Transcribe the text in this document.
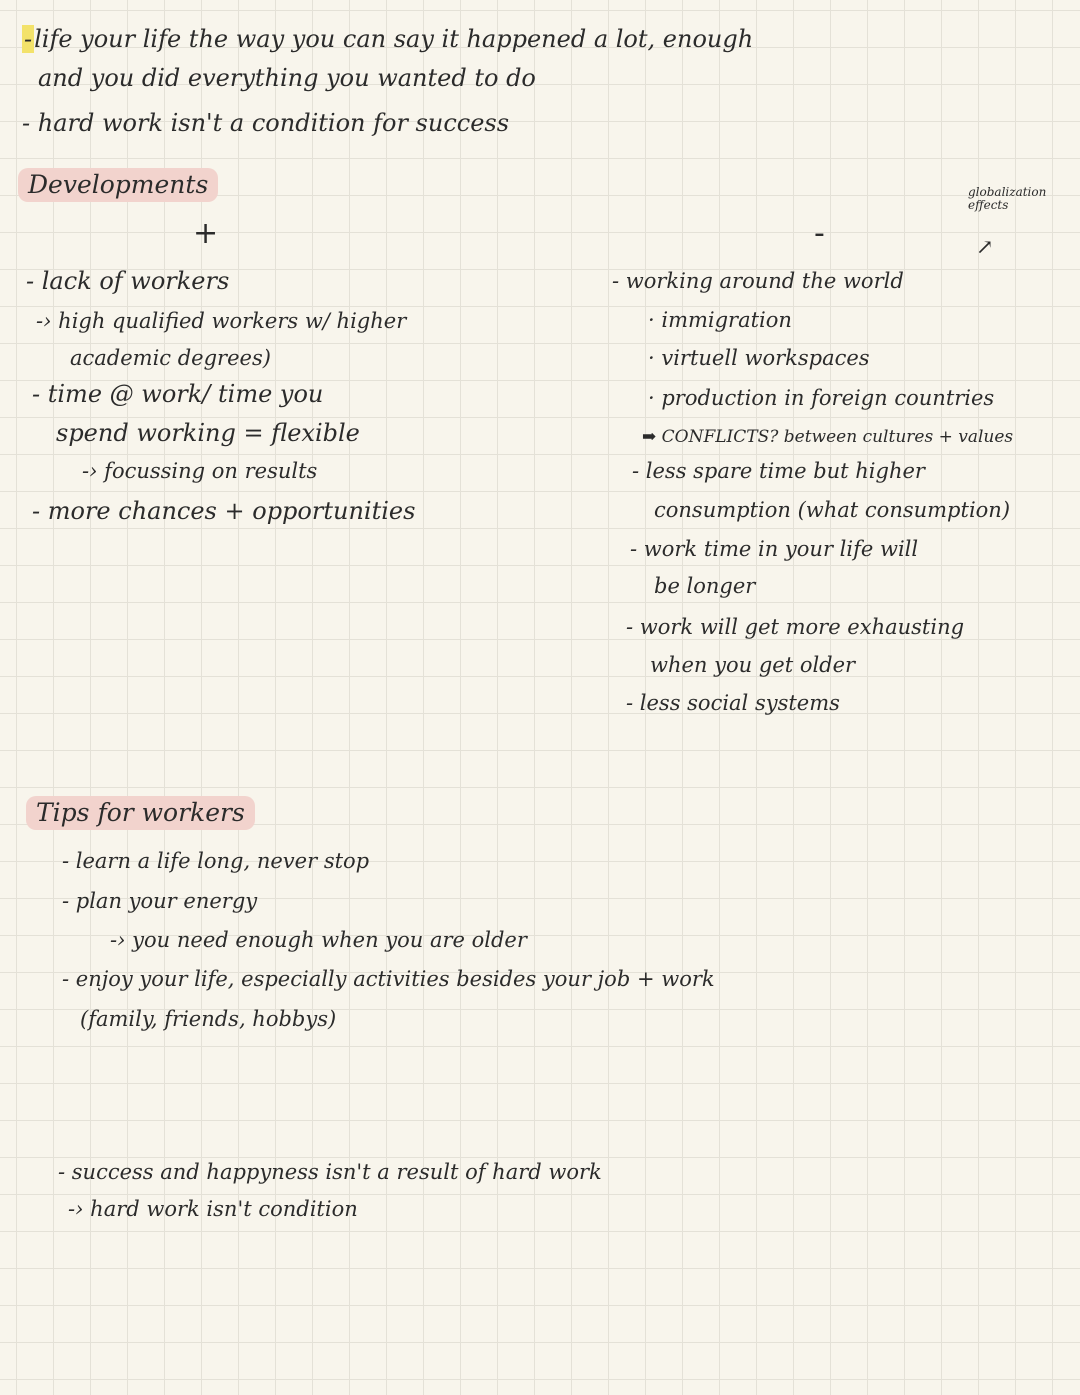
-life your life the way you can say it happened a lot, enough
and you did everything you wanted to do
- hard work isn't a condition for success
Developments	globalization effects
↗
+	-
- lack of workers
-› high qualified workers w/ higher
academic degrees)
- time @ work/ time you
spend working = flexible
-› focussing on results
- more chances + opportunities
- working around the world
· immigration
· virtuell workspaces
· production in foreign countries
➡ CONFLICTS? between cultures + values
- less spare time but higher
consumption (what consumption)
- work time in your life will
be longer
- work will get more exhausting
when you get older
- less social systems
Tips for workers
- learn a life long, never stop
- plan your energy
-› you need enough when you are older
- enjoy your life, especially activities besides your job + work
(family, friends, hobbys)
- success and happyness isn't a result of hard work
-› hard work isn't condition
